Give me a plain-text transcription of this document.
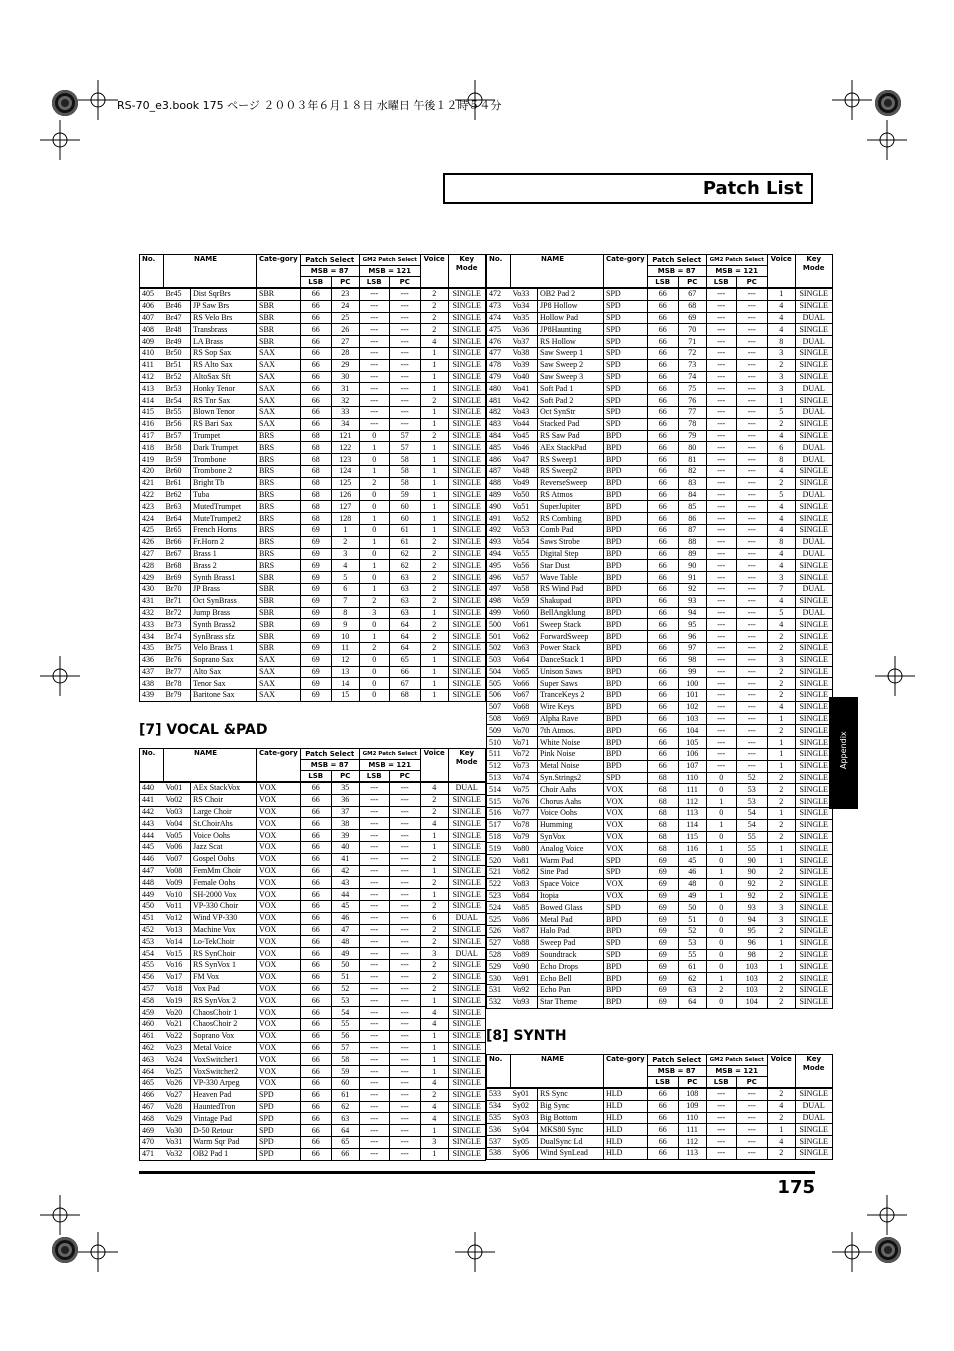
RS-70_e3.book 175 ページ ２００３年６月１８日 水曜日 午後１２時５４分
Patch List
Appendix
[7] VOCAL &PAD
[8] SYNTH
No.	NAME		Cate-gory	Patch Select		GM2 Patch Select		Voice	Key Mode
				MSB = 87		MSB = 121			
				LSB	PC	LSB	PC		
405	Br45	Dist SqrBrs	SBR	66	23	---	---	2	SINGLE
406	Br46	JP Saw Brs	SBR	66	24	---	---	2	SINGLE
407	Br47	RS Velo Brs	SBR	66	25	---	---	2	SINGLE
408	Br48	Transbrass	SBR	66	26	---	---	2	SINGLE
409	Br49	LA Brass	SBR	66	27	---	---	4	SINGLE
410	Br50	RS Sop Sax	SAX	66	28	---	---	1	SINGLE
411	Br51	RS Alto Sax	SAX	66	29	---	---	1	SINGLE
412	Br52	AltoSax Sft	SAX	66	30	---	---	1	SINGLE
413	Br53	Honky Tenor	SAX	66	31	---	---	1	SINGLE
414	Br54	RS Tnr Sax	SAX	66	32	---	---	2	SINGLE
415	Br55	Blown Tenor	SAX	66	33	---	---	1	SINGLE
416	Br56	RS Bari Sax	SAX	66	34	---	---	1	SINGLE
417	Br57	Trumpet	BRS	68	121	0	57	2	SINGLE
418	Br58	Dark Trumpet	BRS	68	122	1	57	1	SINGLE
419	Br59	Trombone	BRS	68	123	0	58	1	SINGLE
420	Br60	Trombone 2	BRS	68	124	1	58	1	SINGLE
421	Br61	Bright Tb	BRS	68	125	2	58	1	SINGLE
422	Br62	Tuba	BRS	68	126	0	59	1	SINGLE
423	Br63	MutedTrumpet	BRS	68	127	0	60	1	SINGLE
424	Br64	MuteTrumpet2	BRS	68	128	1	60	1	SINGLE
425	Br65	French Horns	BRS	69	1	0	61	1	SINGLE
426	Br66	Fr.Horn 2	BRS	69	2	1	61	2	SINGLE
427	Br67	Brass 1	BRS	69	3	0	62	2	SINGLE
428	Br68	Brass 2	BRS	69	4	1	62	2	SINGLE
429	Br69	Synth Brass1	SBR	69	5	0	63	2	SINGLE
430	Br70	JP Brass	SBR	69	6	1	63	2	SINGLE
431	Br71	Oct SynBrass	SBR	69	7	2	63	2	SINGLE
432	Br72	Jump Brass	SBR	69	8	3	63	1	SINGLE
433	Br73	Synth Brass2	SBR	69	9	0	64	2	SINGLE
434	Br74	SynBrass sfz	SBR	69	10	1	64	2	SINGLE
435	Br75	Velo Brass 1	SBR	69	11	2	64	2	SINGLE
436	Br76	Soprano Sax	SAX	69	12	0	65	1	SINGLE
437	Br77	Alto Sax	SAX	69	13	0	66	1	SINGLE
438	Br78	Tenor Sax	SAX	69	14	0	67	1	SINGLE
439	Br79	Baritone Sax	SAX	69	15	0	68	1	SINGLE
No.	NAME		Cate-gory	Patch Select		GM2 Patch Select		Voice	Key Mode
				MSB = 87		MSB = 121			
				LSB	PC	LSB	PC		
440	Vo01	AEx StackVox	VOX	66	35	---	---	4	DUAL
441	Vo02	RS Choir	VOX	66	36	---	---	2	SINGLE
442	Vo03	Large Choir	VOX	66	37	---	---	2	SINGLE
443	Vo04	St.ChoirAhs	VOX	66	38	---	---	4	SINGLE
444	Vo05	Voice Oohs	VOX	66	39	---	---	1	SINGLE
445	Vo06	Jazz Scat	VOX	66	40	---	---	1	SINGLE
446	Vo07	Gospel Oohs	VOX	66	41	---	---	2	SINGLE
447	Vo08	FemMm Choir	VOX	66	42	---	---	1	SINGLE
448	Vo09	Female Oohs	VOX	66	43	---	---	2	SINGLE
449	Vo10	SH-2000 Vox	VOX	66	44	---	---	1	SINGLE
450	Vo11	VP-330 Choir	VOX	66	45	---	---	2	SINGLE
451	Vo12	Wind VP-330	VOX	66	46	---	---	6	DUAL
452	Vo13	Machine Vox	VOX	66	47	---	---	2	SINGLE
453	Vo14	Lo-TekChoir	VOX	66	48	---	---	2	SINGLE
454	Vo15	RS SynChoir	VOX	66	49	---	---	3	DUAL
455	Vo16	RS SynVox 1	VOX	66	50	---	---	2	SINGLE
456	Vo17	FM Vox	VOX	66	51	---	---	2	SINGLE
457	Vo18	Vox Pad	VOX	66	52	---	---	2	SINGLE
458	Vo19	RS SynVox 2	VOX	66	53	---	---	1	SINGLE
459	Vo20	ChaosChoir 1	VOX	66	54	---	---	4	SINGLE
460	Vo21	ChaosChoir 2	VOX	66	55	---	---	4	SINGLE
461	Vo22	Soprano Vox	VOX	66	56	---	---	1	SINGLE
462	Vo23	Metal Voice	VOX	66	57	---	---	1	SINGLE
463	Vo24	VoxSwitcher1	VOX	66	58	---	---	1	SINGLE
464	Vo25	VoxSwitcher2	VOX	66	59	---	---	1	SINGLE
465	Vo26	VP-330 Arpeg	VOX	66	60	---	---	4	SINGLE
466	Vo27	Heaven Pad	SPD	66	61	---	---	2	SINGLE
467	Vo28	HauntedTron	SPD	66	62	---	---	4	SINGLE
468	Vo29	Vintage Pad	SPD	66	63	---	---	4	SINGLE
469	Vo30	D-50 Retour	SPD	66	64	---	---	1	SINGLE
470	Vo31	Warm Sqr Pad	SPD	66	65	---	---	3	SINGLE
471	Vo32	OB2 Pad 1	SPD	66	66	---	---	1	SINGLE
No.	NAME		Cate-gory	Patch Select		GM2 Patch Select		Voice	Key Mode
				MSB = 87		MSB = 121			
				LSB	PC	LSB	PC		
472	Vo33	OB2 Pad 2	SPD	66	67	---	---	1	SINGLE
473	Vo34	JP8 Hollow	SPD	66	68	---	---	4	SINGLE
474	Vo35	Hollow Pad	SPD	66	69	---	---	4	DUAL
475	Vo36	JP8Haunting	SPD	66	70	---	---	4	SINGLE
476	Vo37	RS Hollow	SPD	66	71	---	---	8	DUAL
477	Vo38	Saw Sweep 1	SPD	66	72	---	---	3	SINGLE
478	Vo39	Saw Sweep 2	SPD	66	73	---	---	2	SINGLE
479	Vo40	Saw Sweep 3	SPD	66	74	---	---	3	SINGLE
480	Vo41	Soft Pad 1	SPD	66	75	---	---	3	DUAL
481	Vo42	Soft Pad 2	SPD	66	76	---	---	1	SINGLE
482	Vo43	Oct SynStr	SPD	66	77	---	---	5	DUAL
483	Vo44	Stacked Pad	SPD	66	78	---	---	2	SINGLE
484	Vo45	RS Saw Pad	BPD	66	79	---	---	4	SINGLE
485	Vo46	AEx StackPad	BPD	66	80	---	---	6	DUAL
486	Vo47	RS Sweep1	BPD	66	81	---	---	8	DUAL
487	Vo48	RS Sweep2	BPD	66	82	---	---	4	SINGLE
488	Vo49	ReverseSweep	BPD	66	83	---	---	2	SINGLE
489	Vo50	RS Atmos	BPD	66	84	---	---	5	DUAL
490	Vo51	SuperJupiter	BPD	66	85	---	---	4	SINGLE
491	Vo52	RS Combing	BPD	66	86	---	---	4	SINGLE
492	Vo53	Comb Pad	BPD	66	87	---	---	4	SINGLE
493	Vo54	Saws Strobe	BPD	66	88	---	---	8	DUAL
494	Vo55	Digital Step	BPD	66	89	---	---	4	DUAL
495	Vo56	Star Dust	BPD	66	90	---	---	4	SINGLE
496	Vo57	Wave Table	BPD	66	91	---	---	3	SINGLE
497	Vo58	RS Wind Pad	BPD	66	92	---	---	7	DUAL
498	Vo59	Shakupad	BPD	66	93	---	---	4	SINGLE
499	Vo60	BellAngklung	BPD	66	94	---	---	5	DUAL
500	Vo61	Sweep Stack	BPD	66	95	---	---	4	SINGLE
501	Vo62	ForwardSweep	BPD	66	96	---	---	2	SINGLE
502	Vo63	Power Stack	BPD	66	97	---	---	2	SINGLE
503	Vo64	DanceStack 1	BPD	66	98	---	---	3	SINGLE
504	Vo65	Unison Saws	BPD	66	99	---	---	2	SINGLE
505	Vo66	Super Saws	BPD	66	100	---	---	2	SINGLE
506	Vo67	TranceKeys 2	BPD	66	101	---	---	2	SINGLE
507	Vo68	Wire Keys	BPD	66	102	---	---	4	SINGLE
508	Vo69	Alpha Rave	BPD	66	103	---	---	1	SINGLE
509	Vo70	7th Atmos.	BPD	66	104	---	---	2	SINGLE
510	Vo71	White Noise	BPD	66	105	---	---	1	SINGLE
511	Vo72	Pink Noise	BPD	66	106	---	---	1	SINGLE
512	Vo73	Metal Noise	BPD	66	107	---	---	1	SINGLE
513	Vo74	Syn.Strings2	SPD	68	110	0	52	2	SINGLE
514	Vo75	Choir Aahs	VOX	68	111	0	53	2	SINGLE
515	Vo76	Chorus Aahs	VOX	68	112	1	53	2	SINGLE
516	Vo77	Voice Oohs	VOX	68	113	0	54	1	SINGLE
517	Vo78	Humming	VOX	68	114	1	54	2	SINGLE
518	Vo79	SynVox	VOX	68	115	0	55	2	SINGLE
519	Vo80	Analog Voice	VOX	68	116	1	55	1	SINGLE
520	Vo81	Warm Pad	SPD	69	45	0	90	1	SINGLE
521	Vo82	Sine Pad	SPD	69	46	1	90	2	SINGLE
522	Vo83	Space Voice	VOX	69	48	0	92	2	SINGLE
523	Vo84	Itopia	VOX	69	49	1	92	2	SINGLE
524	Vo85	Bowed Glass	SPD	69	50	0	93	3	SINGLE
525	Vo86	Metal Pad	BPD	69	51	0	94	3	SINGLE
526	Vo87	Halo Pad	BPD	69	52	0	95	2	SINGLE
527	Vo88	Sweep Pad	SPD	69	53	0	96	1	SINGLE
528	Vo89	Soundtrack	SPD	69	55	0	98	2	SINGLE
529	Vo90	Echo Drops	BPD	69	61	0	103	1	SINGLE
530	Vo91	Echo Bell	BPD	69	62	1	103	2	SINGLE
531	Vo92	Echo Pan	BPD	69	63	2	103	2	SINGLE
532	Vo93	Star Theme	BPD	69	64	0	104	2	SINGLE
No.	NAME		Cate-gory	Patch Select		GM2 Patch Select		Voice	Key Mode
				MSB = 87		MSB = 121			
				LSB	PC	LSB	PC		
533	Sy01	RS Sync	HLD	66	108	---	---	2	SINGLE
534	Sy02	Big Sync	HLD	66	109	---	---	4	DUAL
535	Sy03	Big Bottom	HLD	66	110	---	---	2	DUAL
536	Sy04	MKS80 Sync	HLD	66	111	---	---	1	SINGLE
537	Sy05	DualSync Ld	HLD	66	112	---	---	4	SINGLE
538	Sy06	Wind SynLead	HLD	66	113	---	---	2	SINGLE
175
